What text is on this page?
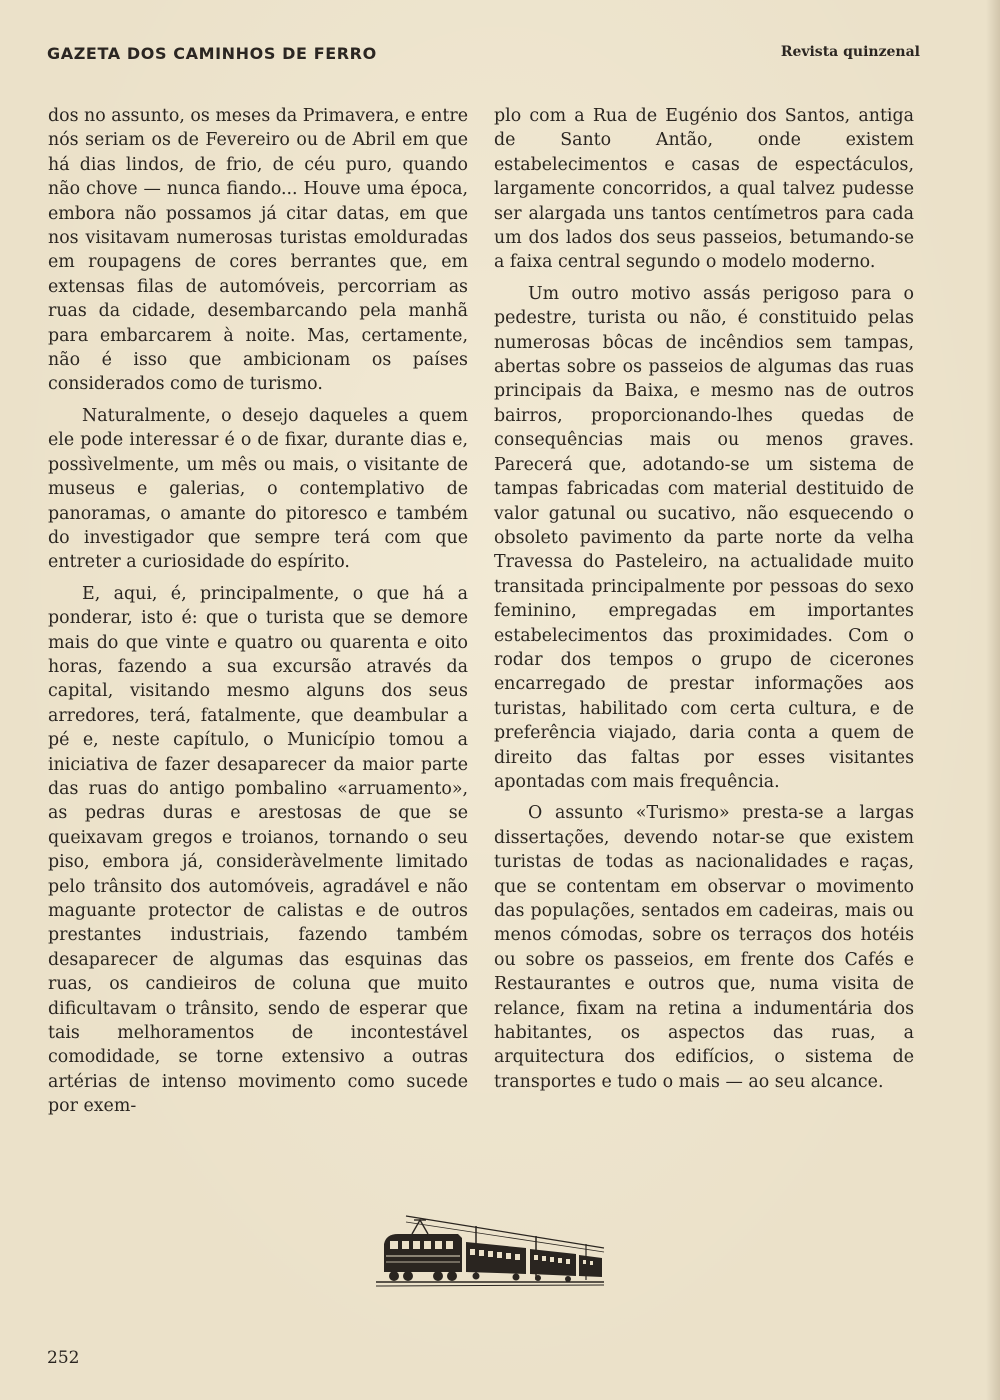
GAZETA DOS CAMINHOS DE FERRO	Revista quinzenal

dos no assunto, os meses da Primavera, e entre nós seriam os de Fevereiro ou de Abril em que há dias lindos, de frio, de céu puro, quando não chove — nunca fiando... Houve uma época, embora não possamos já citar datas, em que nos visitavam numerosas turistas emolduradas em roupagens de cores berrantes que, em extensas filas de automóveis, percorriam as ruas da cidade, desembarcando pela manhã para embarcarem à noite. Mas, certamente, não é isso que ambicionam os países considerados como de turismo.

Naturalmente, o desejo daqueles a quem ele pode interessar é o de fixar, durante dias e, possìvelmente, um mês ou mais, o visitante de museus e galerias, o contemplativo de panoramas, o amante do pitoresco e também do investigador que sempre terá com que entreter a curiosidade do espírito.

E, aqui, é, principalmente, o que há a ponderar, isto é: que o turista que se demore mais do que vinte e quatro ou quarenta e oito horas, fazendo a sua excursão através da capital, visitando mesmo alguns dos seus arredores, terá, fatalmente, que deambular a pé e, neste capítulo, o Município tomou a iniciativa de fazer desaparecer da maior parte das ruas do antigo pombalino «arruamento», as pedras duras e arestosas de que se queixavam gregos e troianos, tornando o seu piso, embora já, consideràvelmente limitado pelo trânsito dos automóveis, agradável e não maguante protector de calistas e de outros prestantes industriais, fazendo também desaparecer de algumas das esquinas das ruas, os candieiros de coluna que muito dificultavam o trânsito, sendo de esperar que tais melhoramentos de incontestável comodidade, se torne extensivo a outras artérias de intenso movimento como sucede por exem-

plo com a Rua de Eugénio dos Santos, antiga de Santo Antão, onde existem estabelecimentos e casas de espectáculos, largamente concorridos, a qual talvez pudesse ser alargada uns tantos centímetros para cada um dos lados dos seus passeios, betumando-se a faixa central segundo o modelo moderno.

Um outro motivo assás perigoso para o pedestre, turista ou não, é constituido pelas numerosas bôcas de incêndios sem tampas, abertas sobre os passeios de algumas das ruas principais da Baixa, e mesmo nas de outros bairros, proporcionando-lhes quedas de consequências mais ou menos graves. Parecerá que, adotando-se um sistema de tampas fabricadas com material destituido de valor gatunal ou sucativo, não esquecendo o obsoleto pavimento da parte norte da velha Travessa do Pasteleiro, na actualidade muito transitada principalmente por pessoas do sexo feminino, empregadas em importantes estabelecimentos das proximidades. Com o rodar dos tempos o grupo de cicerones encarregado de prestar informações aos turistas, habilitado com certa cultura, e de preferência viajado, daria conta a quem de direito das faltas por esses visitantes apontadas com mais frequência.

O assunto «Turismo» presta-se a largas dissertações, devendo notar-se que existem turistas de todas as nacionalidades e raças, que se contentam em observar o movimento das populações, sentados em cadeiras, mais ou menos cómodas, sobre os terraços dos hotéis ou sobre os passeios, em frente dos Cafés e Restaurantes e outros que, numa visita de relance, fixam na retina a indumentária dos habitantes, os aspectos das ruas, a arquitectura dos edifícios, o sistema de transportes e tudo o mais — ao seu alcance.

252
